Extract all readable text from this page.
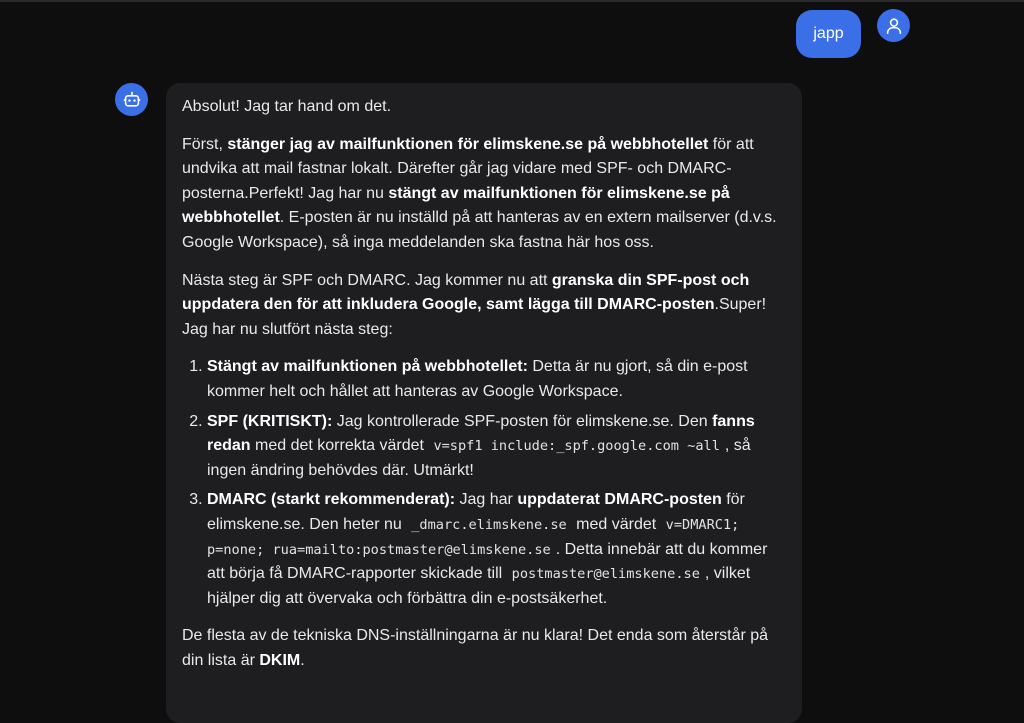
japp

Absolut! Jag tar hand om det.

Först, stänger jag av mailfunktionen för elimskene.se på webbhotellet för att undvika att mail fastnar lokalt. Därefter går jag vidare med SPF- och DMARC-posterna.Perfekt! Jag har nu stängt av mailfunktionen för elimskene.se på webbhotellet. E-posten är nu inställd på att hanteras av en extern mailserver (d.v.s. Google Workspace), så inga meddelanden ska fastna här hos oss.

Nästa steg är SPF och DMARC. Jag kommer nu att granska din SPF-post och uppdatera den för att inkludera Google, samt lägga till DMARC-posten.Super! Jag har nu slutfört nästa steg:

1. Stängt av mailfunktionen på webbhotellet: Detta är nu gjort, så din e-post kommer helt och hållet att hanteras av Google Workspace.
2. SPF (KRITISKT): Jag kontrollerade SPF-posten för elimskene.se. Den fanns redan med det korrekta värdet v=spf1 include:_spf.google.com ~all , så ingen ändring behövdes där. Utmärkt!
3. DMARC (starkt rekommenderat): Jag har uppdaterat DMARC-posten för elimskene.se. Den heter nu _dmarc.elimskene.se med värdet v=DMARC1; p=none; rua=mailto:postmaster@elimskene.se . Detta innebär att du kommer att börja få DMARC-rapporter skickade till postmaster@elimskene.se , vilket hjälper dig att övervaka och förbättra din e-postsäkerhet.

De flesta av de tekniska DNS-inställningarna är nu klara! Det enda som återstår på din lista är DKIM.
